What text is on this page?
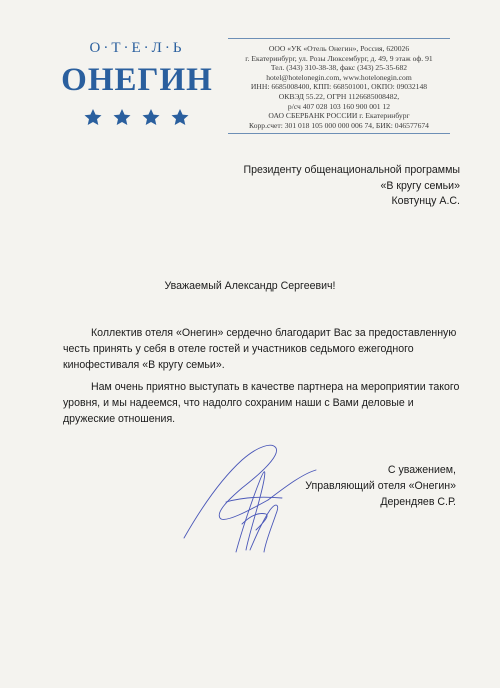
О·Т·Е·Л·Ь
ОНЕГИН
ООО «УК «Отель Онегин», Россия, 620026
г. Екатеринбург, ул. Розы Люксембург, д. 49, 9 этаж оф. 91
Тел. (343) 310-38-38, факс (343) 25-35-682
hotel@hotelonegin.com, www.hotelonegin.com
ИНН: 6685008400, КПП: 668501001, ОКПО: 09032148
ОКВЭД 55.22, ОГРН 1126685008482,
р/сч 407 028 103 160 900 001 12
ОАО СБЕРБАНК РОССИИ г. Екатеринбург
Корр.счет: 301 018 105 000 000 006 74, БИК: 046577674
Президенту общенациональной программы
«В кругу семьи»
Ковтунцу А.С.
Уважаемый Александр Сергеевич!

Коллектив отеля «Онегин» сердечно благодарит Вас за предоставленную честь принять у себя в отеле гостей и участников седьмого ежегодного кинофестиваля «В кругу семьи».

Нам очень приятно выступать в качестве партнера на мероприятии такого уровня, и мы надеемся, что надолго сохраним наши с Вами деловые и дружеские отношения.

С уважением,
Управляющий отеля «Онегин»
Дерендяев С.Р.
